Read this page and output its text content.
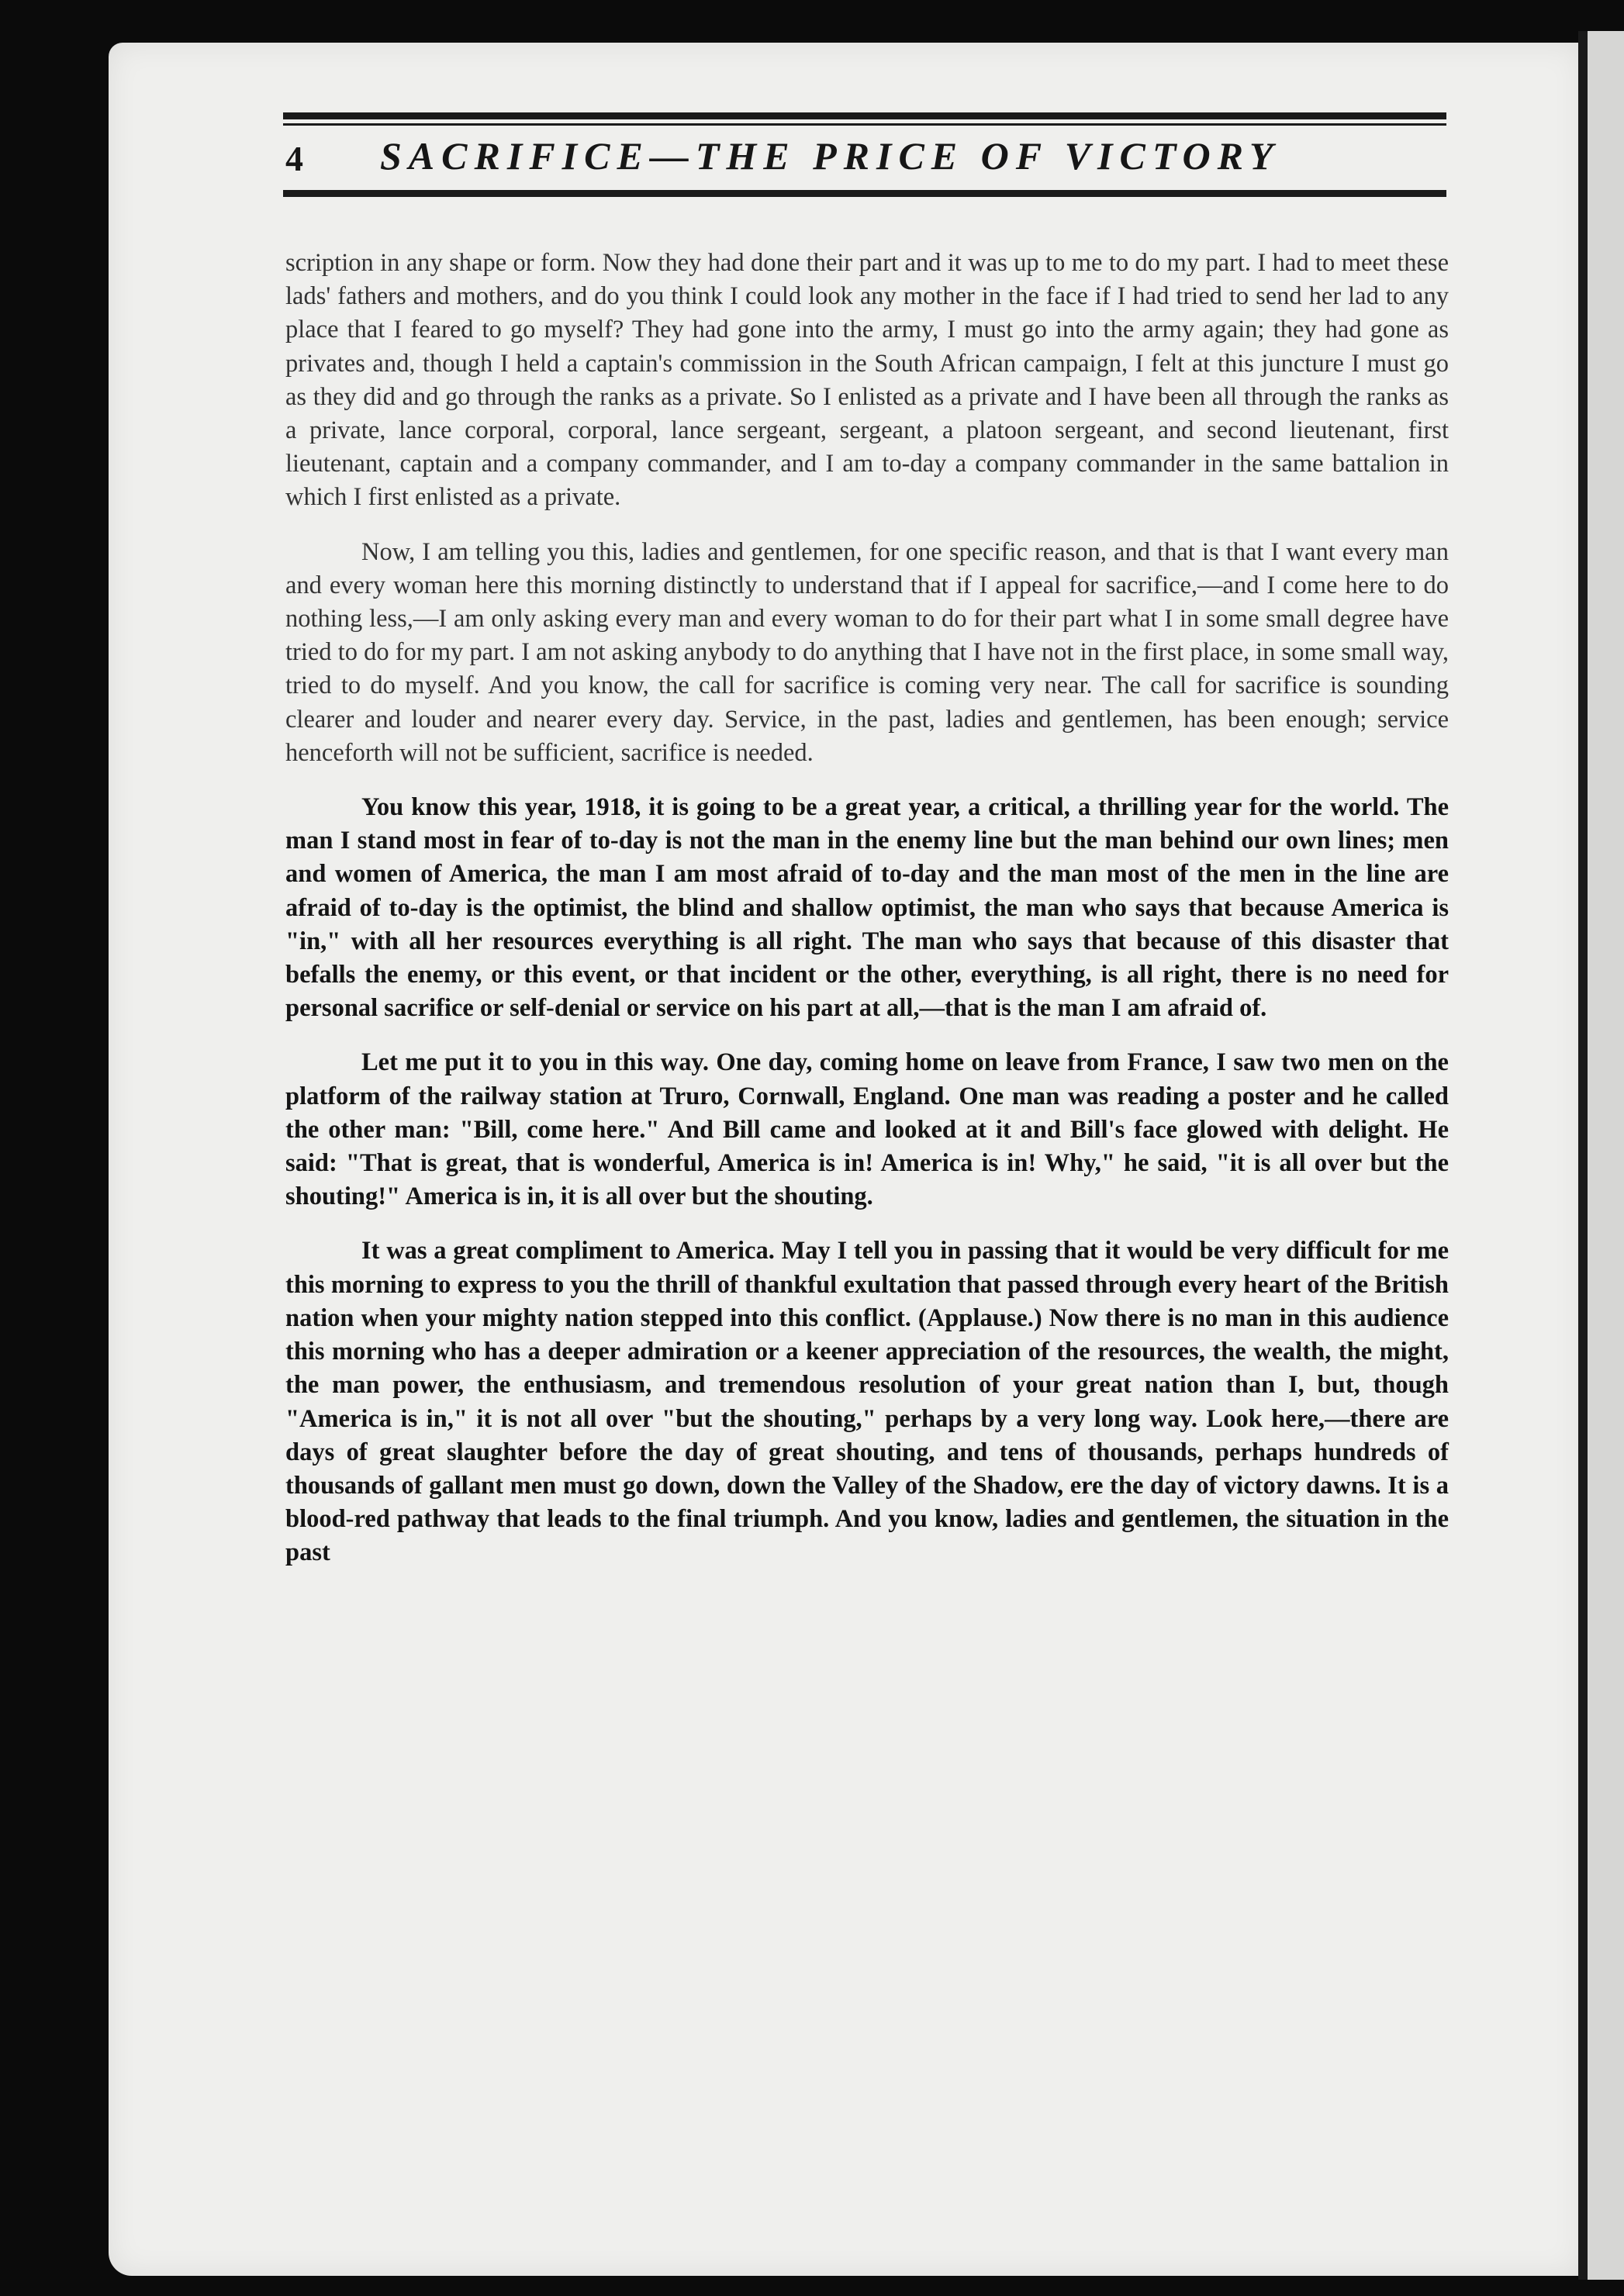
4 SACRIFICE—THE PRICE OF VICTORY

scription in any shape or form. Now they had done their part and it was up to me to do my part. I had to meet these lads' fathers and mothers, and do you think I could look any mother in the face if I had tried to send her lad to any place that I feared to go myself? They had gone into the army, I must go into the army again; they had gone as privates and, though I held a captain's commission in the South African campaign, I felt at this juncture I must go as they did and go through the ranks as a private. So I enlisted as a private and I have been all through the ranks as a private, lance corporal, corporal, lance sergeant, sergeant, a platoon sergeant, and second lieutenant, first lieutenant, captain and a company commander, and I am to-day a company commander in the same battalion in which I first enlisted as a private.

Now, I am telling you this, ladies and gentlemen, for one specific reason, and that is that I want every man and every woman here this morning distinctly to understand that if I appeal for sacrifice,—and I come here to do nothing less,—I am only asking every man and every woman to do for their part what I in some small degree have tried to do for my part. I am not asking anybody to do anything that I have not in the first place, in some small way, tried to do myself. And you know, the call for sacrifice is coming very near. The call for sacrifice is sounding clearer and louder and nearer every day. Service, in the past, ladies and gentlemen, has been enough; service henceforth will not be sufficient, sacrifice is needed.

You know this year, 1918, it is going to be a great year, a critical, a thrilling year for the world. The man I stand most in fear of to-day is not the man in the enemy line but the man behind our own lines; men and women of America, the man I am most afraid of to-day and the man most of the men in the line are afraid of to-day is the optimist, the blind and shallow optimist, the man who says that because America is "in," with all her resources everything is all right. The man who says that because of this disaster that befalls the enemy, or this event, or that incident or the other, everything, is all right, there is no need for personal sacrifice or self-denial or service on his part at all,—that is the man I am afraid of.

Let me put it to you in this way. One day, coming home on leave from France, I saw two men on the platform of the railway station at Truro, Cornwall, England. One man was reading a poster and he called the other man: "Bill, come here." And Bill came and looked at it and Bill's face glowed with delight. He said: "That is great, that is wonderful, America is in! America is in! Why," he said, "it is all over but the shouting!" America is in, it is all over but the shouting.

It was a great compliment to America. May I tell you in passing that it would be very difficult for me this morning to express to you the thrill of thankful exultation that passed through every heart of the British nation when your mighty nation stepped into this conflict. (Applause.) Now there is no man in this audience this morning who has a deeper admiration or a keener appreciation of the resources, the wealth, the might, the man power, the enthusiasm, and tremendous resolution of your great nation than I, but, though "America is in," it is not all over "but the shouting," perhaps by a very long way. Look here,—there are days of great slaughter before the day of great shouting, and tens of thousands, perhaps hundreds of thousands of gallant men must go down, down the Valley of the Shadow, ere the day of victory dawns. It is a blood-red pathway that leads to the final triumph. And you know, ladies and gentlemen, the situation in the past
